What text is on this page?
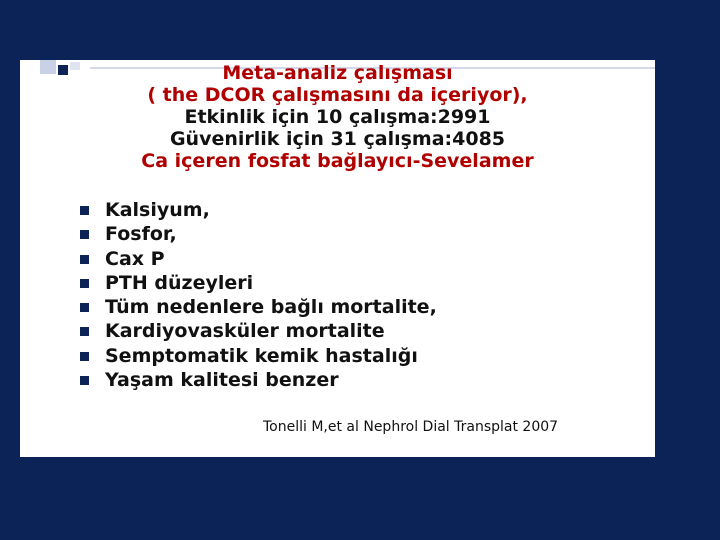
Meta-analiz çalışması
( the DCOR çalışmasını da içeriyor),
Etkinlik için 10 çalışma:2991
Güvenirlik için 31 çalışma:4085
Ca içeren fosfat bağlayıcı-Sevelamer
Kalsiyum,
Fosfor,
Cax P
PTH düzeyleri
Tüm nedenlere bağlı mortalite,
Kardiyovasküler mortalite
Semptomatik kemik hastalığı
Yaşam kalitesi benzer
Tonelli M,et al Nephrol Dial Transplat 2007
